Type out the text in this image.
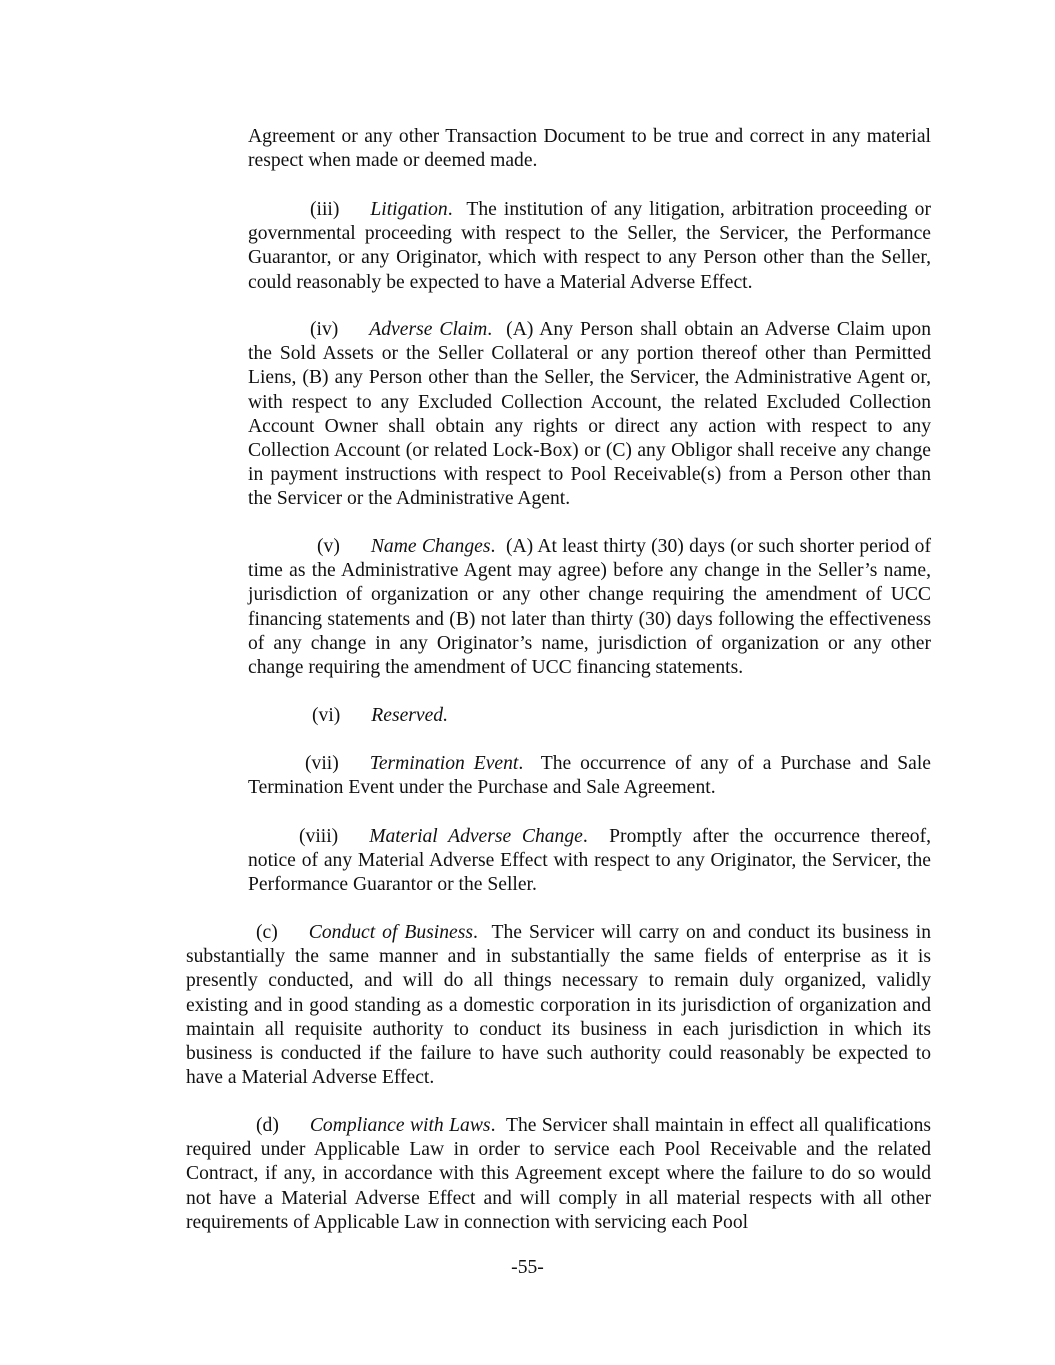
Agreement or any other Transaction Document to be true and correct in any material respect when made or deemed made.

(iii) Litigation.  The institution of any litigation, arbitration proceeding or governmental proceeding with respect to the Seller, the Servicer, the Performance Guarantor, or any Originator, which with respect to any Person other than the Seller, could reasonably be expected to have a Material Adverse Effect.

(iv) Adverse Claim.  (A) Any Person shall obtain an Adverse Claim upon the Sold Assets or the Seller Collateral or any portion thereof other than Permitted Liens, (B) any Person other than the Seller, the Servicer, the Administrative Agent or, with respect to any Excluded Collection Account, the related Excluded Collection Account Owner shall obtain any rights or direct any action with respect to any Collection Account (or related Lock-Box) or (C) any Obligor shall receive any change in payment instructions with respect to Pool Receivable(s) from a Person other than the Servicer or the Administrative Agent.
(v) Name Changes.  (A) At least thirty (30) days (or such shorter period of time as the Administrative Agent may agree) before any change in the Seller’s name, jurisdiction of organization or any other change requiring the amendment of UCC financing statements and (B) not later than thirty (30) days following the effectiveness of any change in any Originator’s name, jurisdiction of organization or any other change requiring the amendment of UCC financing statements.
(vi) Reserved.
(vii) Termination Event.  The occurrence of any of a Purchase and Sale Termination Event under the Purchase and Sale Agreement.
(viii) Material Adverse Change.  Promptly after the occurrence thereof, notice of any Material Adverse Effect with respect to any Originator, the Servicer, the Performance Guarantor or the Seller.
(c) Conduct of Business.  The Servicer will carry on and conduct its business in substantially the same manner and in substantially the same fields of enterprise as it is presently conducted, and will do all things necessary to remain duly organized, validly existing and in good standing as a domestic corporation in its jurisdiction of organization and maintain all requisite authority to conduct its business in each jurisdiction in which its business is conducted if the failure to have such authority could reasonably be expected to have a Material Adverse Effect.
(d) Compliance with Laws.  The Servicer shall maintain in effect all qualifications required under Applicable Law in order to service each Pool Receivable and the related Contract, if any, in accordance with this Agreement except where the failure to do so would not have a Material Adverse Effect and will comply in all material respects with all other requirements of Applicable Law in connection with servicing each Pool
-55-
